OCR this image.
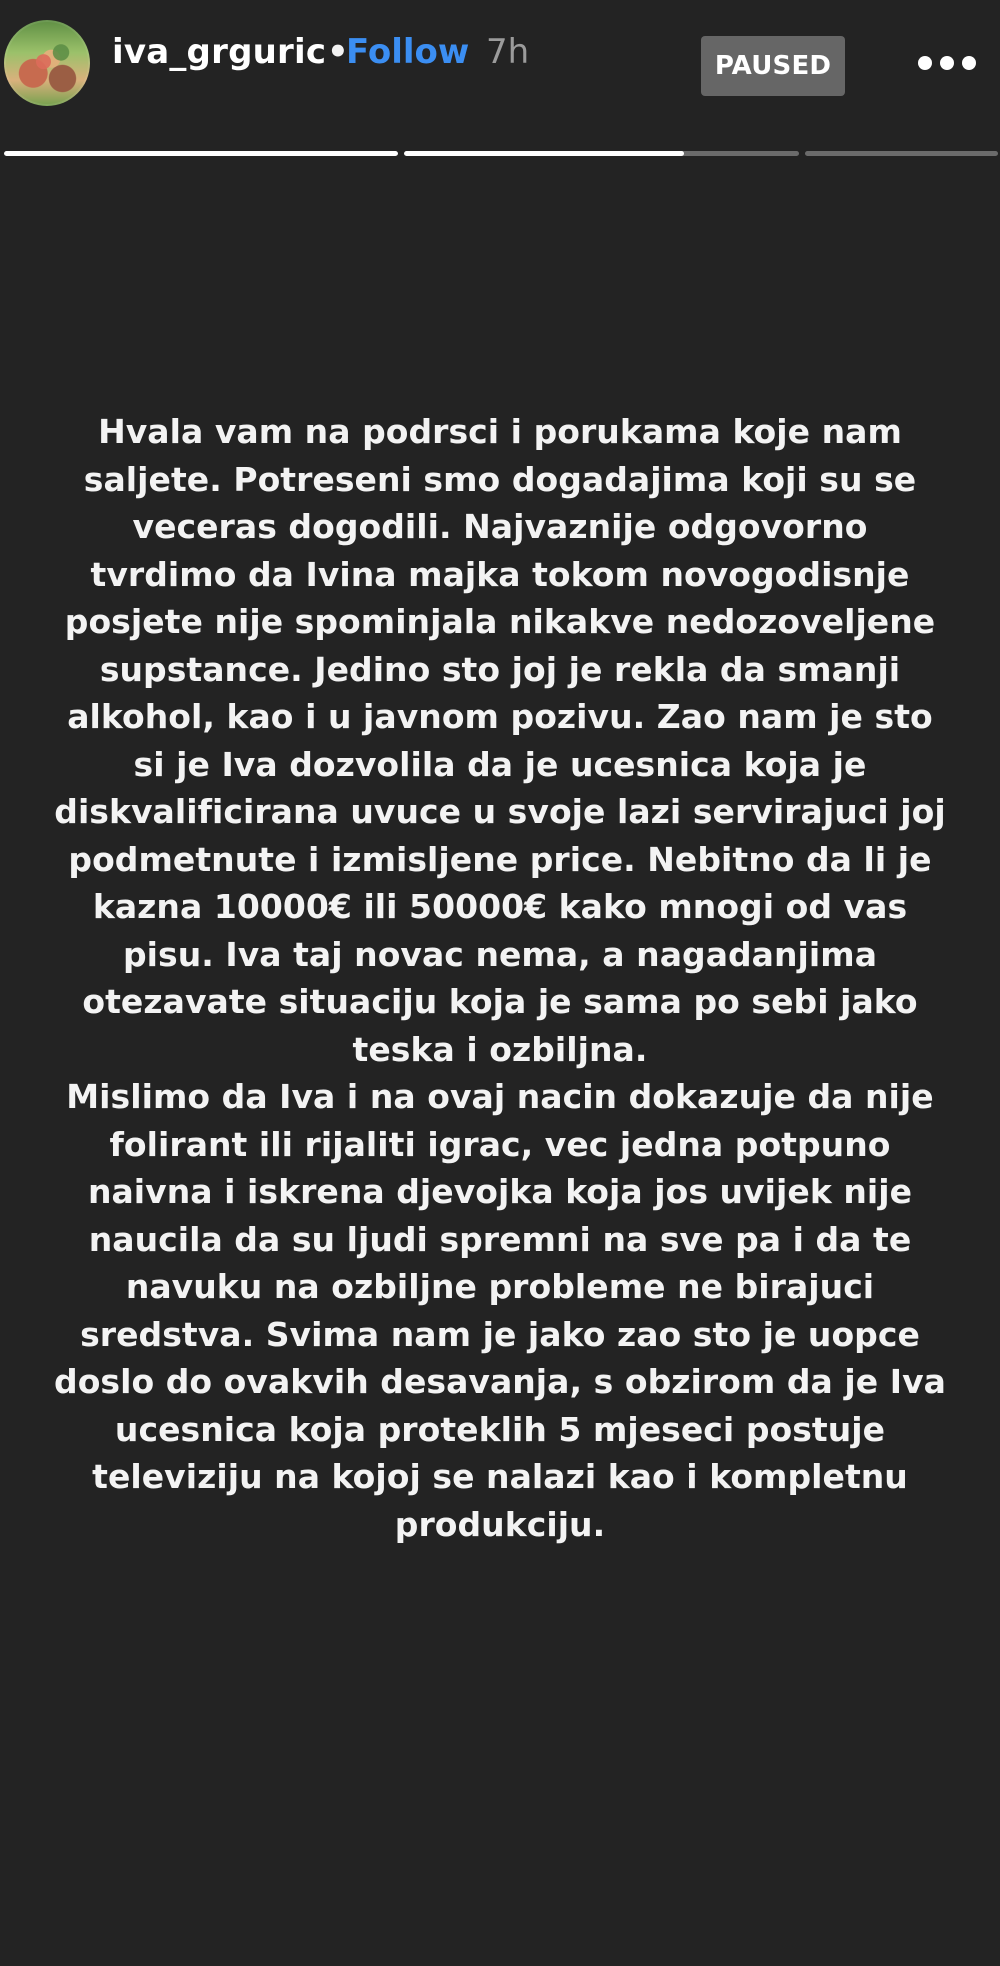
iva_grguric •
Follow 7h	PAUSED
Hvala vam na podrsci i porukama koje nam
saljete. Potreseni smo dogadajima koji su se
veceras dogodili. Najvaznije odgovorno
tvrdimo da Ivina majka tokom novogodisnje
posjete nije spominjala nikakve nedozoveljene
supstance. Jedino sto joj je rekla da smanji
alkohol, kao i u javnom pozivu. Zao nam je sto
si je Iva dozvolila da je ucesnica koja je
diskvalificirana uvuce u svoje lazi servirajuci joj
podmetnute i izmisljene price. Nebitno da li je
kazna 10000€ ili 50000€ kako mnogi od vas
pisu. Iva taj novac nema, a nagadanjima
otezavate situaciju koja je sama po sebi jako
teska i ozbiljna.
Mislimo da Iva i na ovaj nacin dokazuje da nije
folirant ili rijaliti igrac, vec jedna potpuno
naivna i iskrena djevojka koja jos uvijek nije
naucila da su ljudi spremni na sve pa i da te
navuku na ozbiljne probleme ne birajuci
sredstva. Svima nam je jako zao sto je uopce
doslo do ovakvih desavanja, s obzirom da je Iva
ucesnica koja proteklih 5 mjeseci postuje
televiziju na kojoj se nalazi kao i kompletnu
produkciju.
